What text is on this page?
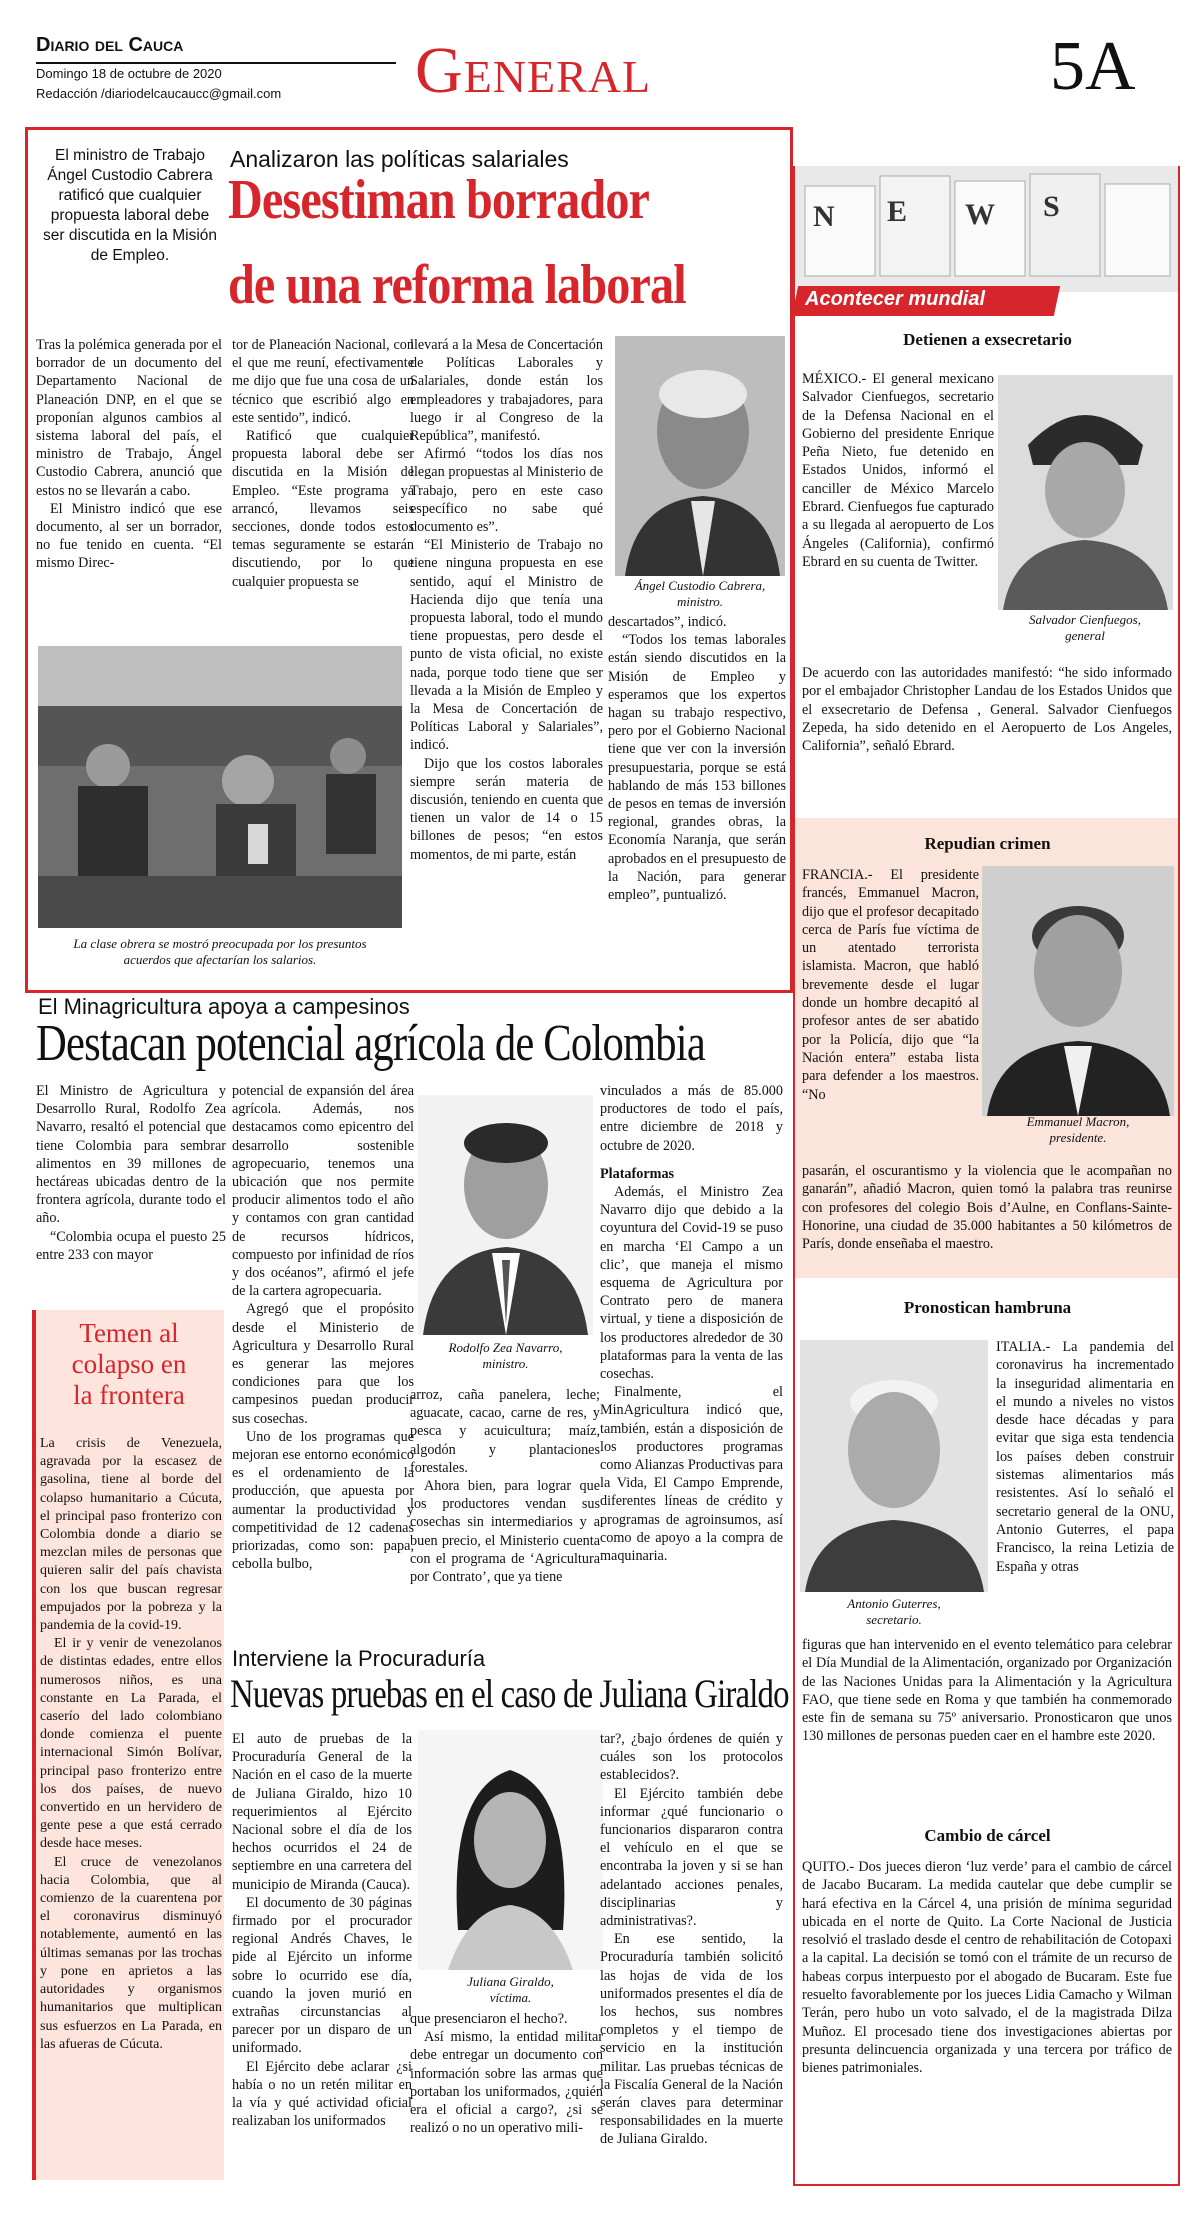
Diario del Cauca
Domingo 18 de octubre de 2020
Redacción /diariodelcaucaucc@gmail.com General	5A
El ministro de Trabajo Ángel Custodio Cabrera ratificó que cualquier propuesta laboral debe ser discutida en la Misión de Empleo.
Analizaron las políticas salariales
Desestiman borrador
de una reforma laboral

Tras la polémica generada por el borrador de un documento del Departamento Nacional de Planeación DNP, en el que se proponían algunos cambios al sistema laboral del país, el ministro de Trabajo, Ángel Custodio Cabrera, anunció que estos no se llevarán a cabo.

El Ministro indicó que ese documento, al ser un borrador, no fue tenido en cuenta. “El mismo Direc-

tor de Planeación Nacional, con el que me reuní, efectivamente me dijo que fue una cosa de un técnico que escribió algo en este sentido”, indicó.

Ratificó que cualquier propuesta laboral debe ser discutida en la Misión de Empleo. “Este programa ya arrancó, llevamos seis secciones, donde todos estos temas seguramente se estarán discutiendo, por lo que cualquier propuesta se

llevará a la Mesa de Concertación de Políticas Laborales y Salariales, donde están los empleadores y trabajadores, para luego ir al Congreso de la República”, manifestó.

Afirmó “todos los días nos llegan propuestas al Ministerio de Trabajo, pero en este caso específico no sabe qué documento es”.

“El Ministerio de Trabajo no tiene ninguna propuesta en ese sentido, aquí el Ministro de Hacienda dijo que tenía una propuesta laboral, todo el mundo tiene propuestas, pero desde el punto de vista oficial, no existe nada, porque todo tiene que ser llevada a la Misión de Empleo y la Mesa de Concertación de Políticas Laboral y Salariales”, indicó.

Dijo que los costos laborales siempre serán materia de discusión, teniendo en cuenta que tienen un valor de 14 o 15 billones de pesos; “en estos momentos, de mi parte, están

Ángel Custodio Cabrera,
ministro.

descartados”, indicó.

“Todos los temas laborales están siendo discutidos en la Misión de Empleo y esperamos que los expertos hagan su trabajo respectivo, pero por el Gobierno Nacional tiene que ver con la inversión presupuestaria, porque se está hablando de más 153 billones de pesos en temas de inversión regional, grandes obras, la Economía Naranja, que serán aprobados en el presupuesto de la Nación, para generar empleo”, puntualizó.

La clase obrera se mostró preocupada por los presuntos
acuerdos que afectarían los salarios.
El Minagricultura apoya a campesinos
Destacan potencial agrícola de Colombia

El Ministro de Agricultura y Desarrollo Rural, Rodolfo Zea Navarro, resaltó el potencial que tiene Colombia para sembrar alimentos en 39 millones de hectáreas ubicadas dentro de la frontera agrícola, durante todo el año.

“Colombia ocupa el puesto 25 entre 233 con mayor

potencial de expansión del área agrícola. Además, nos destacamos como epicentro del desarrollo sostenible agropecuario, tenemos una ubicación que nos permite producir alimentos todo el año y contamos con gran cantidad de recursos hídricos, compuesto por infinidad de ríos y dos océanos”, afirmó el jefe de la cartera agropecuaria.

Agregó que el propósito desde el Ministerio de Agricultura y Desarrollo Rural es generar las mejores condiciones para que los campesinos puedan producir sus cosechas.

Uno de los programas que mejoran ese entorno económico es el ordenamiento de la producción, que apuesta por aumentar la productividad y competitividad de 12 cadenas priorizadas, como son: papa, cebolla bulbo,

Rodolfo Zea Navarro,
ministro.

arroz, caña panelera, leche; aguacate, cacao, carne de res, y pesca y acuicultura; maíz, algodón y plantaciones forestales.

Ahora bien, para lograr que los productores vendan sus cosechas sin intermediarios y a buen precio, el Ministerio cuenta con el programa de ‘Agricultura por Contrato’, que ya tiene

vinculados a más de 85.000 productores de todo el país, entre diciembre de 2018 y octubre de 2020.

Plataformas

Además, el Ministro Zea Navarro dijo que debido a la coyuntura del Covid-19 se puso en marcha ‘El Campo a un clic’, que maneja el mismo esquema de Agricultura por Contrato pero de manera virtual, y tiene a disposición de los productores alrededor de 30 plataformas para la venta de las cosechas.

Finalmente, el MinAgricultura indicó que, también, están a disposición de los productores programas como Alianzas Productivas para la Vida, El Campo Emprende, diferentes líneas de crédito y programas de agroinsumos, así como de apoyo a la compra de maquinaria.

Temen al
colapso en
la frontera

La crisis de Venezuela, agravada por la escasez de gasolina, tiene al borde del colapso humanitario a Cúcuta, el principal paso fronterizo con Colombia donde a diario se mezclan miles de personas que quieren salir del país chavista con los que buscan regresar empujados por la pobreza y la pandemia de la covid-19.

El ir y venir de venezolanos de distintas edades, entre ellos numerosos niños, es una constante en La Parada, el caserío del lado colombiano donde comienza el puente internacional Simón Bolívar, principal paso fronterizo entre los dos países, de nuevo convertido en un hervidero de gente pese a que está cerrado desde hace meses.

El cruce de venezolanos hacia Colombia, que al comienzo de la cuarentena por el coronavirus disminuyó notablemente, aumentó en las últimas semanas por las trochas y pone en aprietos a las autoridades y organismos humanitarios que multiplican sus esfuerzos en La Parada, en las afueras de Cúcuta.

Interviene la Procuraduría
Nuevas pruebas en el caso de Juliana Giraldo

El auto de pruebas de la Procuraduría General de la Nación en el caso de la muerte de Juliana Giraldo, hizo 10 requerimientos al Ejército Nacional sobre el día de los hechos ocurridos el 24 de septiembre en una carretera del municipio de Miranda (Cauca).

El documento de 30 páginas firmado por el procurador regional Andrés Chaves, le pide al Ejército un informe sobre lo ocurrido ese día, cuando la joven murió en extrañas circunstancias al parecer por un disparo de un uniformado.

El Ejército debe aclarar ¿si había o no un retén militar en la vía y qué actividad oficial realizaban los uniformados

Juliana Giraldo,
víctima.

que presenciaron el hecho?.

Así mismo, la entidad militar debe entregar un documento con información sobre las armas que portaban los uniformados, ¿quién era el oficial a cargo?, ¿si se realizó o no un operativo mili-

tar?, ¿bajo órdenes de quién y cuáles son los protocolos establecidos?.

El Ejército también debe informar ¿qué funcionario o funcionarios dispararon contra el vehículo en el que se encontraba la joven y si se han adelantado acciones penales, disciplinarias y administrativas?.

En ese sentido, la Procuraduría también solicitó las hojas de vida de los uniformados presentes el día de los hechos, sus nombres completos y el tiempo de servicio en la institución militar. Las pruebas técnicas de la Fiscalía General de la Nación serán claves para determinar responsabilidades en la muerte de Juliana Giraldo.

N E W S
Acontecer mundial
Detienen a exsecretario
MÉXICO.- El general mexicano Salvador Cienfuegos, secretario de la Defensa Nacional en el Gobierno del presidente Enrique Peña Nieto, fue detenido en Estados Unidos, informó el canciller de México Marcelo Ebrard. Cienfuegos fue capturado a su llegada al aeropuerto de Los Ángeles (California), confirmó Ebrard en su cuenta de Twitter.
Salvador Cienfuegos,
general
De acuerdo con las autoridades manifestó: “he sido informado por el embajador Christopher Landau de los Estados Unidos que el exsecretario de Defensa , General. Salvador Cienfuegos Zepeda, ha sido detenido en el Aeropuerto de Los Angeles, California”, señaló Ebrard.
Repudian crimen
FRANCIA.- El presidente francés, Emmanuel Macron, dijo que el profesor decapitado cerca de París fue víctima de un atentado terrorista islamista. Macron, que habló brevemente desde el lugar donde un hombre decapitó al profesor antes de ser abatido por la Policía, dijo que “la Nación entera” estaba lista para defender a los maestros. “No
Emmanuel Macron,
presidente.
pasarán, el oscurantismo y la violencia que le acompañan no ganarán”, añadió Macron, quien tomó la palabra tras reunirse con profesores del colegio Bois d’Aulne, en Conflans-Sainte-Honorine, una ciudad de 35.000 habitantes a 50 kilómetros de París, donde enseñaba el maestro.
Pronostican hambruna
Antonio Guterres,
secretario.
ITALIA.- La pandemia del coronavirus ha incrementado la inseguridad alimentaria en el mundo a niveles no vistos desde hace décadas y para evitar que siga esta tendencia los países deben construir sistemas alimentarios más resistentes. Así lo señaló el secretario general de la ONU, Antonio Guterres, el papa Francisco, la reina Letizia de España y otras
figuras que han intervenido en el evento telemático para celebrar el Día Mundial de la Alimentación, organizado por Organización de las Naciones Unidas para la Alimentación y la Agricultura FAO, que tiene sede en Roma y que también ha conmemorado este fin de semana su 75º aniversario. Pronosticaron que unos 130 millones de personas pueden caer en el hambre este 2020.
Cambio de cárcel
QUITO.- Dos jueces dieron ‘luz verde’ para el cambio de cárcel de Jacabo Bucaram. La medida cautelar que debe cumplir se hará efectiva en la Cárcel 4, una prisión de mínima seguridad ubicada en el norte de Quito. La Corte Nacional de Justicia resolvió el traslado desde el centro de rehabilitación de Cotopaxi a la capital. La decisión se tomó con el trámite de un recurso de habeas corpus interpuesto por el abogado de Bucaram. Este fue resuelto favorablemente por los jueces Lidia Camacho y Wilman Terán, pero hubo un voto salvado, el de la magistrada Dilza Muñoz. El procesado tiene dos investigaciones abiertas por presunta delincuencia organizada y una tercera por tráfico de bienes patrimoniales.
